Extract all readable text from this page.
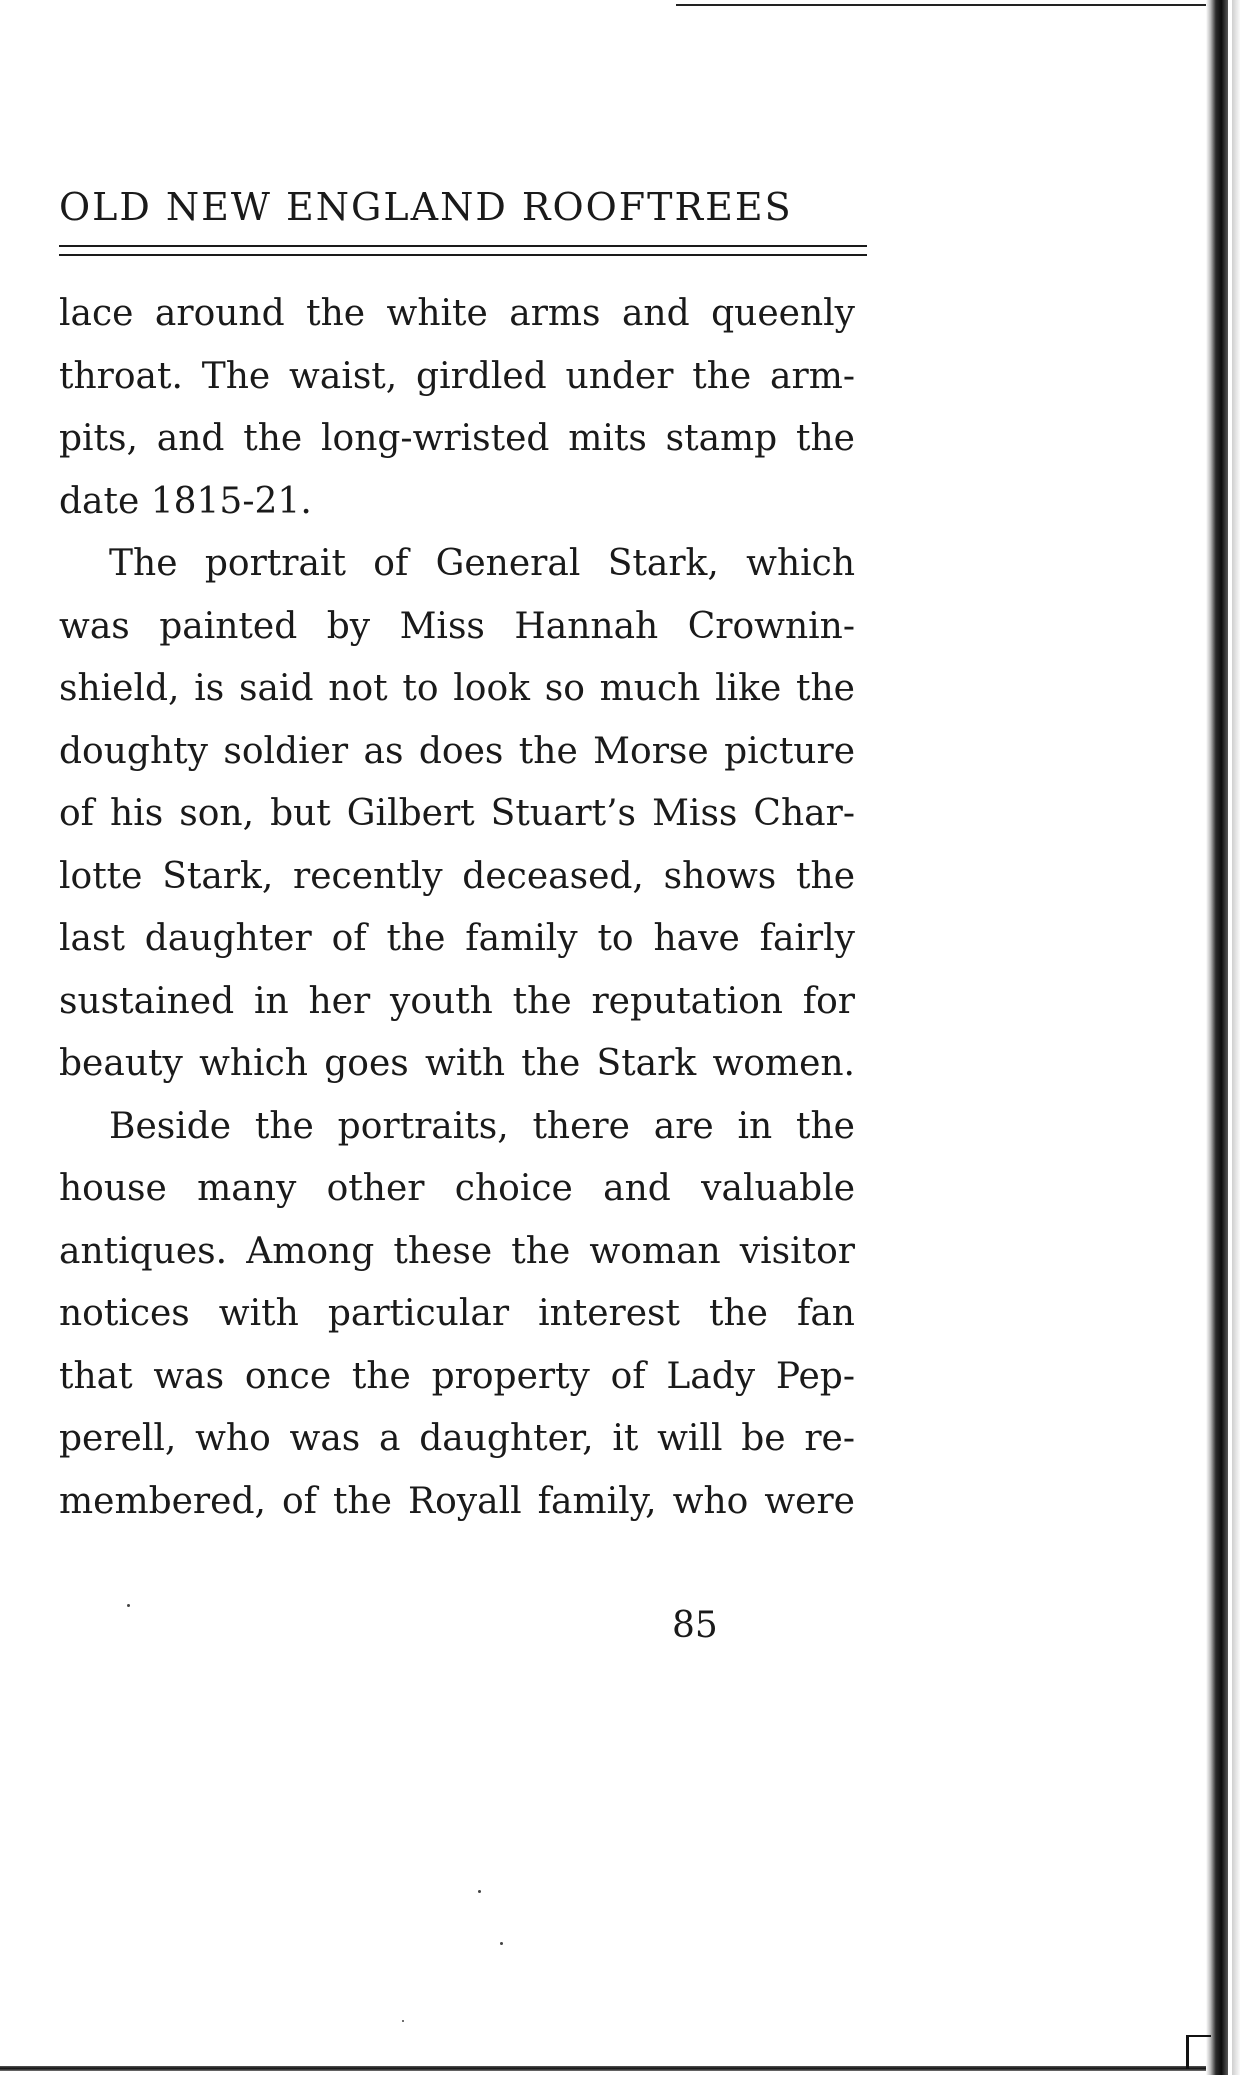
OLD NEW ENGLAND ROOFTREES
lace around the white arms and queenly
throat. The waist, girdled under the arm-
pits, and the long-wristed mits stamp the
date 1815-21.
The portrait of General Stark, which
was painted by Miss Hannah Crownin-
shield, is said not to look so much like the
doughty soldier as does the Morse picture
of his son, but Gilbert Stuart’s Miss Char-
lotte Stark, recently deceased, shows the
last daughter of the family to have fairly
sustained in her youth the reputation for
beauty which goes with the Stark women.
Beside the portraits, there are in the
house many other choice and valuable
antiques. Among these the woman visitor
notices with particular interest the fan
that was once the property of Lady Pep-
perell, who was a daughter, it will be re-
membered, of the Royall family, who were
85
